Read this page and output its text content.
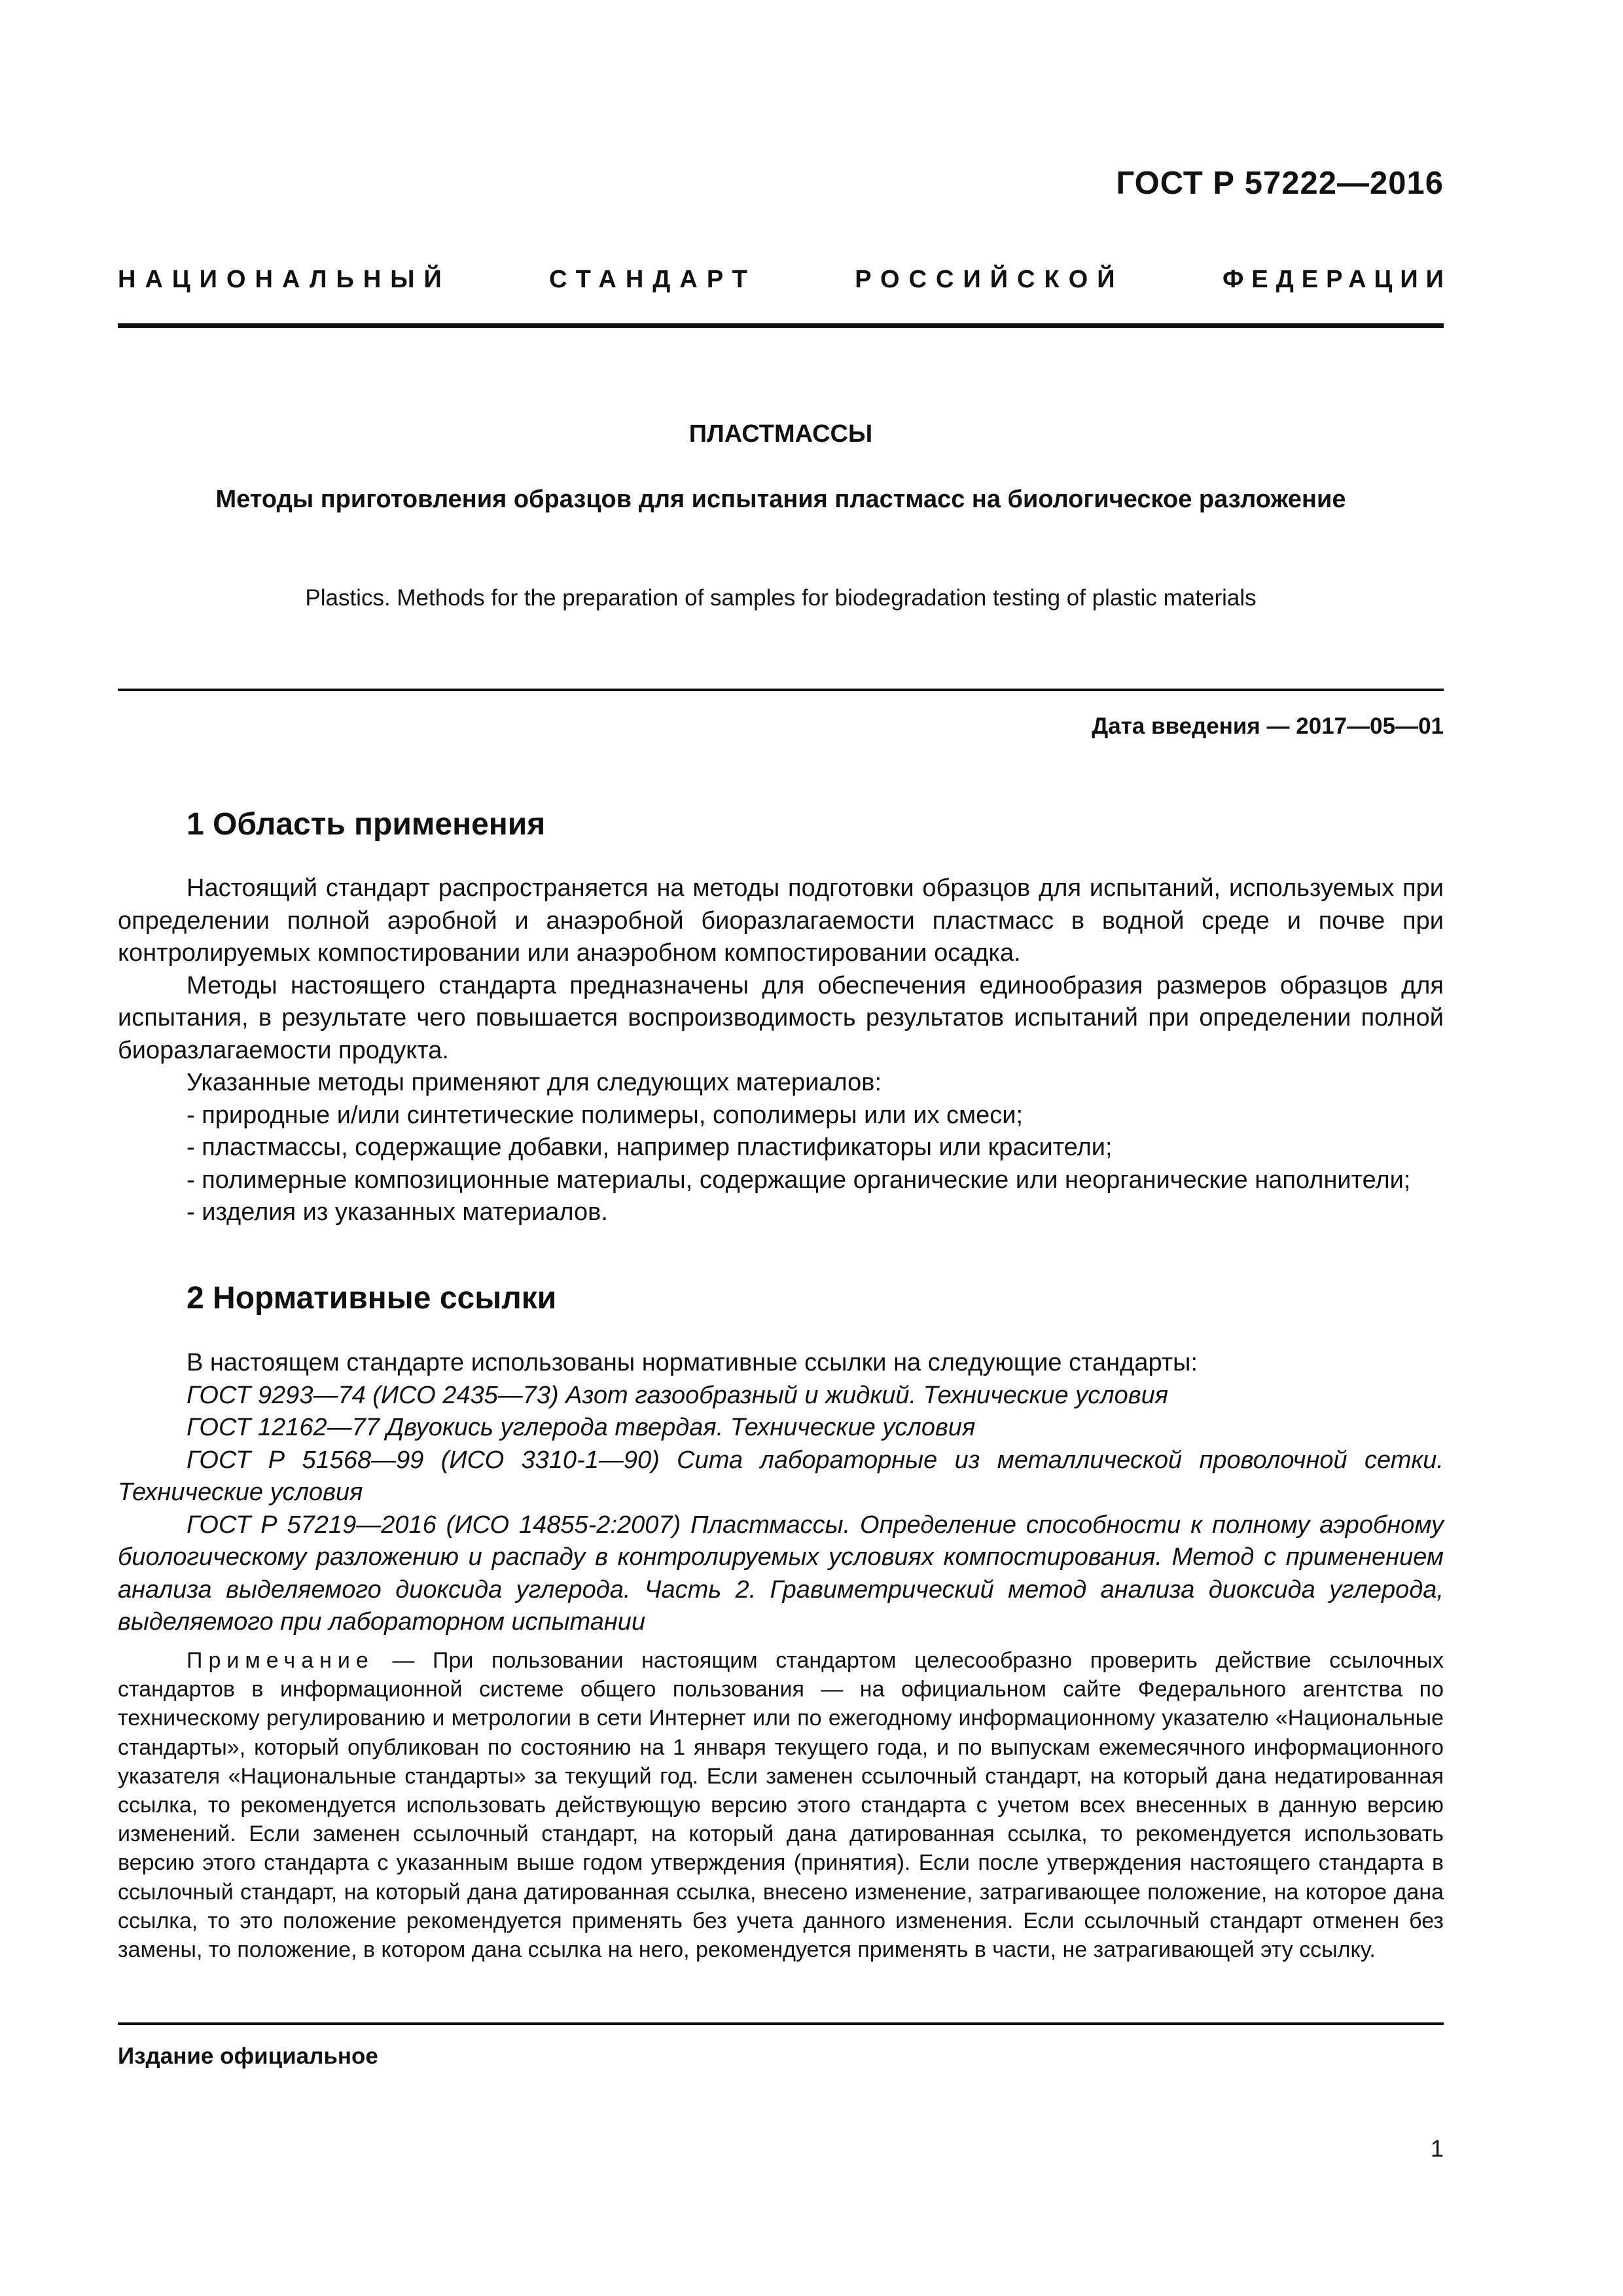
ГОСТ Р 57222—2016
НАЦИОНАЛЬНЫЙ	СТАНДАРТ	РОССИЙСКОЙ	ФЕДЕРАЦИИ
ПЛАСТМАССЫ
Методы приготовления образцов для испытания пластмасс на биологическое разложение
Plastics. Methods for the preparation of samples for biodegradation testing of plastic materials
Дата введения — 2017—05—01
1 Область применения

Настоящий стандарт распространяется на методы подготовки образцов для испытаний, используемых при определении полной аэробной и анаэробной биоразлагаемости пластмасс в водной среде и почве при контролируемых компостировании или анаэробном компостировании осадка.

Методы настоящего стандарта предназначены для обеспечения единообразия размеров образцов для испытания, в результате чего повышается воспроизводимость результатов испытаний при определении полной биоразлагаемости продукта.

Указанные методы применяют для следующих материалов:

- природные и/или синтетические полимеры, сополимеры или их смеси;

- пластмассы, содержащие добавки, например пластификаторы или красители;

- полимерные композиционные материалы, содержащие органические или неорганические наполнители;

- изделия из указанных материалов.

2 Нормативные ссылки

В настоящем стандарте использованы нормативные ссылки на следующие стандарты:

ГОСТ 9293—74 (ИСО 2435—73) Азот газообразный и жидкий. Технические условия

ГОСТ 12162—77 Двуокись углерода твердая. Технические условия

ГОСТ Р 51568—99 (ИСО 3310-1—90) Сита лабораторные из металлической проволочной сетки. Технические условия

ГОСТ Р 57219—2016 (ИСО 14855-2:2007) Пластмассы. Определение способности к полному аэробному биологическому разложению и распаду в контролируемых условиях компостирования. Метод с применением анализа выделяемого диоксида углерода. Часть 2. Гравиметрический метод анализа диоксида углерода, выделяемого при лабораторном испытании

Примечание — При пользовании настоящим стандартом целесообразно проверить действие ссылочных стандартов в информационной системе общего пользования — на официальном сайте Федерального агентства по техническому регулированию и метрологии в сети Интернет или по ежегодному информационному указателю «Национальные стандарты», который опубликован по состоянию на 1 января текущего года, и по выпускам ежемесячного информационного указателя «Национальные стандарты» за текущий год. Если заменен ссылочный стандарт, на который дана недатированная ссылка, то рекомендуется использовать действующую версию этого стандарта с учетом всех внесенных в данную версию изменений. Если заменен ссылочный стандарт, на который дана датированная ссылка, то рекомендуется использовать версию этого стандарта с указанным выше годом утверждения (принятия). Если после утверждения настоящего стандарта в ссылочный стандарт, на который дана датированная ссылка, внесено изменение, затрагивающее положение, на которое дана ссылка, то это положение рекомендуется применять без учета данного изменения. Если ссылочный стандарт отменен без замены, то положение, в котором дана ссылка на него, рекомендуется применять в части, не затрагивающей эту ссылку.
Издание официальное
1
